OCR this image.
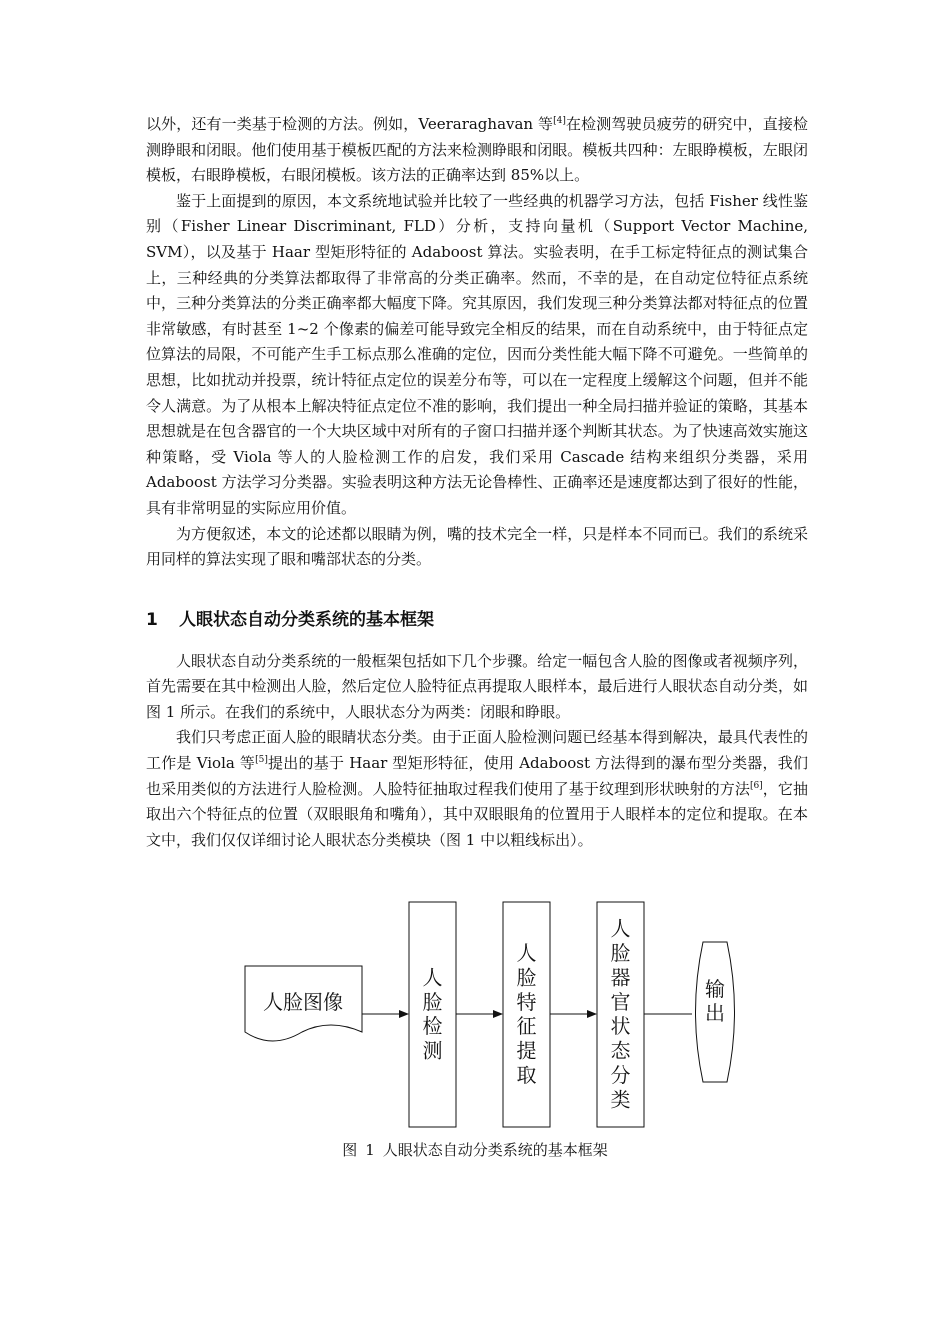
以外，还有一类基于检测的方法。例如，Veeraraghavan 等[4]在检测驾驶员疲劳的研究中，直接检测睁眼和闭眼。他们使用基于模板匹配的方法来检测睁眼和闭眼。模板共四种：左眼睁模板，左眼闭模板，右眼睁模板，右眼闭模板。该方法的正确率达到 85%以上。

鉴于上面提到的原因，本文系统地试验并比较了一些经典的机器学习方法，包括 Fisher 线性鉴别（Fisher Linear Discriminant, FLD）分析，支持向量机（Support Vector Machine, SVM），以及基于 Haar 型矩形特征的 Adaboost 算法。实验表明，在手工标定特征点的测试集合上，三种经典的分类算法都取得了非常高的分类正确率。然而，不幸的是，在自动定位特征点系统中，三种分类算法的分类正确率都大幅度下降。究其原因，我们发现三种分类算法都对特征点的位置非常敏感，有时甚至 1~2 个像素的偏差可能导致完全相反的结果，而在自动系统中，由于特征点定位算法的局限，不可能产生手工标点那么准确的定位，因而分类性能大幅下降不可避免。一些简单的思想，比如扰动并投票，统计特征点定位的误差分布等，可以在一定程度上缓解这个问题，但并不能令人满意。为了从根本上解决特征点定位不准的影响，我们提出一种全局扫描并验证的策略，其基本思想就是在包含器官的一个大块区域中对所有的子窗口扫描并逐个判断其状态。为了快速高效实施这种策略，受 Viola 等人的人脸检测工作的启发，我们采用 Cascade 结构来组织分类器，采用 Adaboost 方法学习分类器。实验表明这种方法无论鲁棒性、正确率还是速度都达到了很好的性能，具有非常明显的实际应用价值。

为方便叙述，本文的论述都以眼睛为例，嘴的技术完全一样，只是样本不同而已。我们的系统采用同样的算法实现了眼和嘴部状态的分类。

1 人眼状态自动分类系统的基本框架

人眼状态自动分类系统的一般框架包括如下几个步骤。给定一幅包含人脸的图像或者视频序列，首先需要在其中检测出人脸，然后定位人脸特征点再提取人眼样本，最后进行人眼状态自动分类，如图 1 所示。在我们的系统中，人眼状态分为两类：闭眼和睁眼。

我们只考虑正面人脸的眼睛状态分类。由于正面人脸检测问题已经基本得到解决，最具代表性的工作是 Viola 等[5]提出的基于 Haar 型矩形特征，使用 Adaboost 方法得到的瀑布型分类器，我们也采用类似的方法进行人脸检测。人脸特征抽取过程我们使用了基于纹理到形状映射的方法[6]，它抽取出六个特征点的位置（双眼眼角和嘴角），其中双眼眼角的位置用于人眼样本的定位和提取。在本文中，我们仅仅详细讨论人眼状态分类模块（图 1 中以粗线标出）。

人脸图像
人
脸
检
测
人
脸
特
征
提
取
人
脸
器
官
状
态
分
类
输
出
图 1 人眼状态自动分类系统的基本框架
